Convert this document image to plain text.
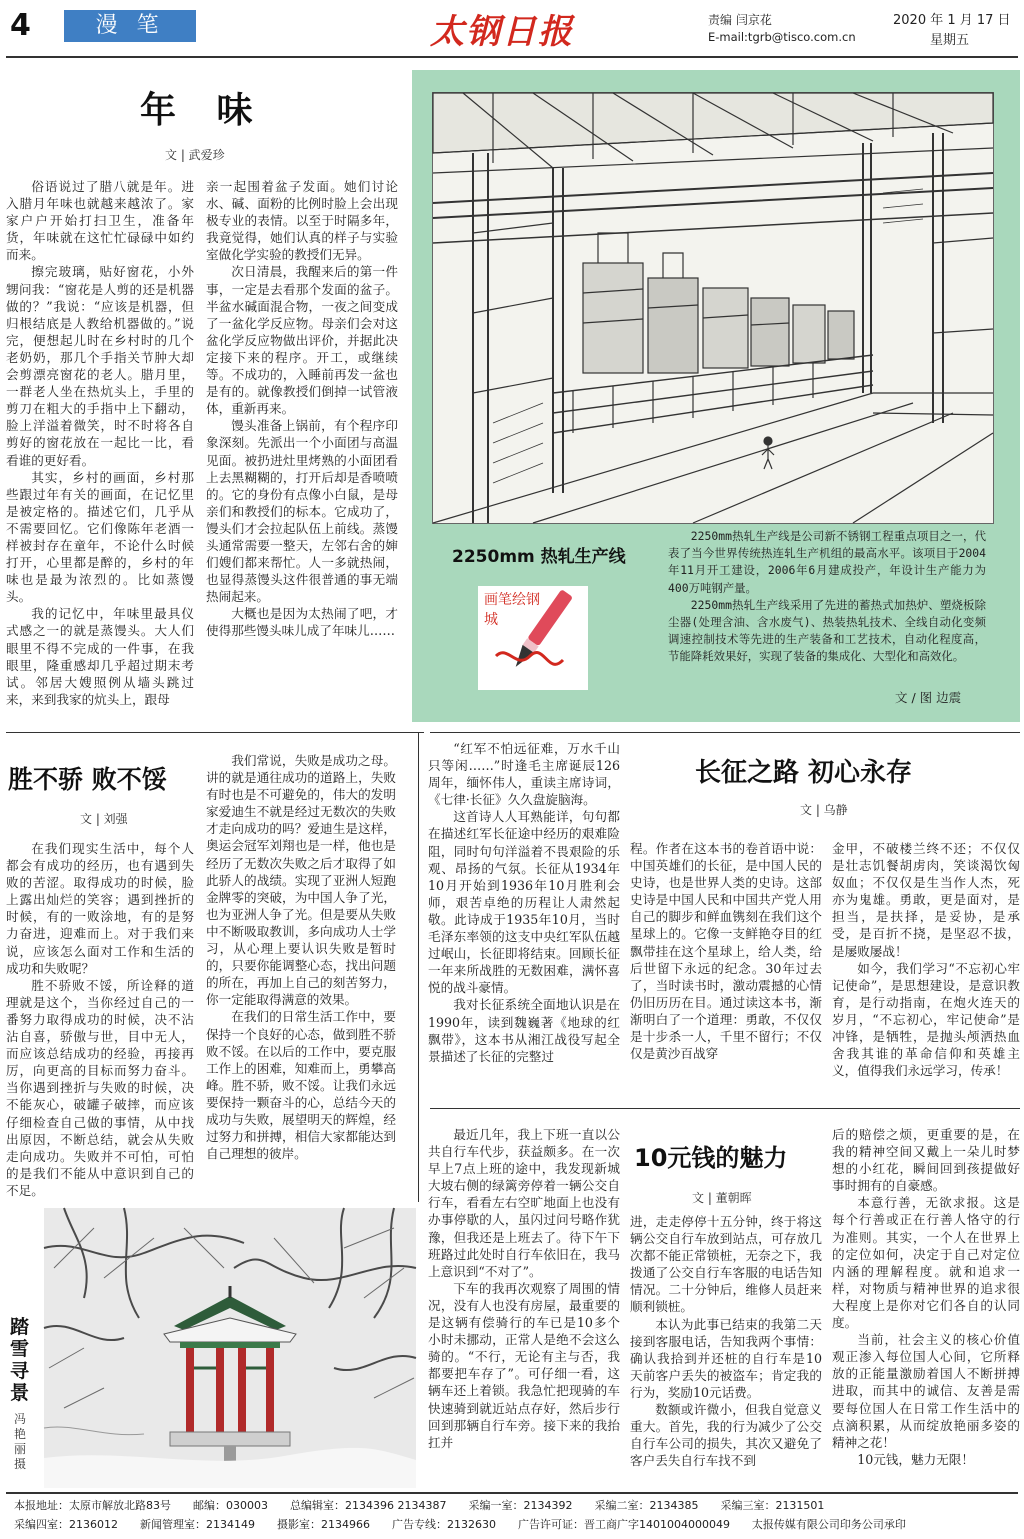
4	漫 笔	太钢日报	责编 闫京花
E-mail:tgrb@tisco.com.cn
2020 年 1 月 17 日
星期五
年 味
文 | 武爱珍

俗语说过了腊八就是年。进入腊月年味也就越来越浓了。家家户户开始打扫卫生，准备年货，年味就在这忙忙碌碌中如约而来。

擦完玻璃，贴好窗花，小外甥问我：“窗花是人剪的还是机器做的？”我说：“应该是机器，但归根结底是人教给机器做的。”说完，便想起儿时在乡村时的几个老奶奶，那几个手指关节肿大却会剪漂亮窗花的老人。腊月里，一群老人坐在热炕头上，手里的剪刀在粗大的手指中上下翻动，脸上洋溢着微笑，时不时将各自剪好的窗花放在一起比一比，看看谁的更好看。

其实，乡村的画面，乡村那些跟过年有关的画面，在记忆里是被定格的。描述它们，几乎从不需要回忆。它们像陈年老酒一样被封存在童年，不论什么时候打开，心里都是醉的，乡村的年味也是最为浓烈的。比如蒸馒头。

我的记忆中，年味里最具仪式感之一的就是蒸馒头。大人们眼里不得不完成的一件事，在我眼里，隆重感却几乎超过期末考试。邻居大嫂照例从墙头跳过来，来到我家的炕头上，跟母

亲一起围着盆子发面。她们讨论水、碱、面粉的比例时脸上会出现极专业的表情。以至于时隔多年，我竟觉得，她们认真的样子与实验室做化学实验的教授们无异。

次日清晨，我醒来后的第一件事，一定是去看那个发面的盆子。半盆水碱面混合物，一夜之间变成了一盆化学反应物。母亲们会对这盆化学反应物做出评价，并据此决定接下来的程序。开工，或继续等。不成功的，入睡前再发一盆也是有的。就像教授们倒掉一试管液体，重新再来。

馒头准备上锅前，有个程序印象深刻。先派出一个小面团与高温见面。被扔进灶里烤熟的小面团看上去黑糊糊的，打开后却是香喷喷的。它的身份有点像小白鼠，是母亲们和教授们的标本。它成功了，馒头们才会拉起队伍上前线。蒸馒头通常需要一整天，左邻右舍的婶们嫂们都来帮忙。人一多就热闹，也显得蒸馒头这件很普通的事无端热闹起来。

大概也是因为太热闹了吧，才使得那些馒头味儿成了年味儿……

2250mm 热轧生产线
画笔绘钢城

2250mm热轧生产线是公司新不锈钢工程重点项目之一，代表了当今世界传统热连轧生产机组的最高水平。该项目于2004年11月开工建设，2006年6月建成投产，年设计生产能力为400万吨钢产量。

2250mm热轧生产线采用了先进的蓄热式加热炉、塑烧板除尘器(处理含油、含水废气)、热装热轧技术、全线自动化变频调速控制技术等先进的生产装备和工艺技术，自动化程度高，节能降耗效果好，实现了装备的集成化、大型化和高效化。

文 / 图 边震
胜不骄 败不馁
文 | 刘强

在我们现实生活中，每个人都会有成功的经历，也有遇到失败的苦涩。取得成功的时候，脸上露出灿烂的笑容；遇到挫折的时候，有的一败涂地，有的是努力奋进，迎难而上。对于我们来说，应该怎么面对工作和生活的成功和失败呢？

胜不骄败不馁，所诠释的道理就是这个，当你经过自己的一番努力取得成功的时候，决不沾沾自喜，骄傲与世，目中无人，而应该总结成功的经验，再接再厉，向更高的目标而努力奋斗。当你遇到挫折与失败的时候，决不能灰心，破罐子破摔，而应该仔细检查自己做的事情，从中找出原因，不断总结，就会从失败走向成功。失败并不可怕，可怕的是我们不能从中意识到自己的不足。

我们常说，失败是成功之母。讲的就是通往成功的道路上，失败有时也是不可避免的，伟大的发明家爱迪生不就是经过无数次的失败才走向成功的吗？爱迪生是这样，奥运会冠军刘翔也是一样，他也是经历了无数次失败之后才取得了如此骄人的战绩。实现了亚洲人短跑金牌零的突破，为中国人争了光，也为亚洲人争了光。但是要从失败中不断吸取教训，多向成功人士学习，从心理上要认识失败是暂时的，只要你能调整心态，找出问题的所在，再加上自己的刻苦努力，你一定能取得满意的效果。

在我们的日常生活工作中，要保持一个良好的心态，做到胜不骄败不馁。在以后的工作中，要克服工作上的困难，知难而上，勇攀高峰。胜不骄，败不馁。让我们永远要保持一颗奋斗的心，总结今天的成功与失败，展望明天的辉煌，经过努力和拼搏，相信大家都能达到自己理想的彼岸。

“红军不怕远征难，万水千山只等闲……”时逢毛主席诞辰126周年，缅怀伟人，重读主席诗词，《七律·长征》久久盘旋脑海。

这首诗人人耳熟能详，句句都在描述红军长征途中经历的艰难险阻，同时句句洋溢着不畏艰险的乐观、昂扬的气氛。长征从1934年10月开始到1936年10月胜利会师，艰苦卓绝的历程让人肃然起敬。此诗成于1935年10月，当时毛泽东率领的这支中央红军队伍越过岷山，长征即将结束。回顾长征一年来所战胜的无数困难，满怀喜悦的战斗豪情。

我对长征系统全面地认识是在1990年，读到魏巍著《地球的红飘带》，这本书从湘江战役写起全景描述了长征的完整过

长征之路 初心永存
文 | 乌静

程。作者在这本书的卷首语中说：中国英雄们的长征，是中国人民的史诗，也是世界人类的史诗。这部史诗是中国人民和中国共产党人用自己的脚步和鲜血镌刻在我们这个星球上的。它像一支鲜艳夺目的红飘带挂在这个星球上，给人类，给后世留下永远的纪念。30年过去了，当时读书时，激动震撼的心情仍旧历历在目。通过读这本书，渐渐明白了一个道理：勇敢，不仅仅是十步杀一人，千里不留行；不仅仅是黄沙百战穿

金甲，不破楼兰终不还；不仅仅是壮志饥餐胡虏肉，笑谈渴饮匈奴血；不仅仅是生当作人杰，死亦为鬼雄。勇敢，更是面对，是担当，是扶择，是妥协，是承受，是百折不挠，是坚忍不拔，是屡败屡战！

如今，我们学习“不忘初心牢记使命”，是思想建设，是意识教育，是行动指南，在炮火连天的岁月，“不忘初心，牢记使命”是冲锋，是牺牲，是抛头颅洒热血舍我其谁的革命信仰和英雄主义，值得我们永远学习，传承！

踏雪寻景
冯艳丽 摄

最近几年，我上下班一直以公共自行车代步，获益颇多。在一次早上7点上班的途中，我发现新城大坡右侧的绿篱旁停着一辆公交自行车，看看左右空旷地面上也没有办事停歇的人，虽闪过问号略作犹豫，但我还是上班去了。待下午下班路过此处时自行车依旧在，我马上意识到“不对了”。

下车的我再次观察了周围的情况，没有人也没有房屋，最重要的是这辆有偿骑行的车已是10多个小时未挪动，正常人是绝不会这么骑的。“不行，无论有主与否，我都要把车存了”。可仔细一看，这辆车还上着锁。我急忙把现骑的车快速骑到就近站点存好，然后步行回到那辆自行车旁。接下来的我抬扛并

10元钱的魅力
文 | 董朝晖

进，走走停停十五分钟，终于将这辆公交自行车放到站点，可存放几次都不能正常锁桩，无奈之下，我拨通了公交自行车客服的电话告知情况。二十分钟后，维修人员赶来顺利锁桩。

本认为此事已结束的我第二天接到客服电话，告知我两个事情：确认我拾到并还桩的自行车是10天前客户丢失的被盗车；肯定我的行为，奖励10元话费。

数额或许微小，但我自觉意义重大。首先，我的行为减少了公交自行车公司的损失，其次又避免了客户丢失自行车找不到

后的赔偿之烦，更重要的是，在我的精神空间又戴上一朵儿时梦想的小红花，瞬间回到孩提做好事时拥有的自豪感。

本意行善，无欲求报。这是每个行善或正在行善人恪守的行为准则。其实，一个人在世界上的定位如何，决定于自己对定位内涵的理解程度。就和追求一样，对物质与精神世界的追求很大程度上是你对它们各自的认同度。

当前，社会主义的核心价值观正渗入每位国人心间，它所释放的正能量激励着国人不断拼搏进取，而其中的诚信、友善是需要每位国人在日常工作生活中的点滴积累，从而绽放艳丽多姿的精神之花！

10元钱，魅力无限！

本报地址：太原市解放北路83号　　邮编：030003　　总编辑室：2134396 2134387　　采编一室：2134392　　采编二室：2134385　　采编三室：2131501
采编四室：2136012　　新闻管理室：2134149　　摄影室：2134966　　广告专线：2132630　　广告许可证：晋工商广字1401004000049　　太报传媒有限公司印务公司承印
